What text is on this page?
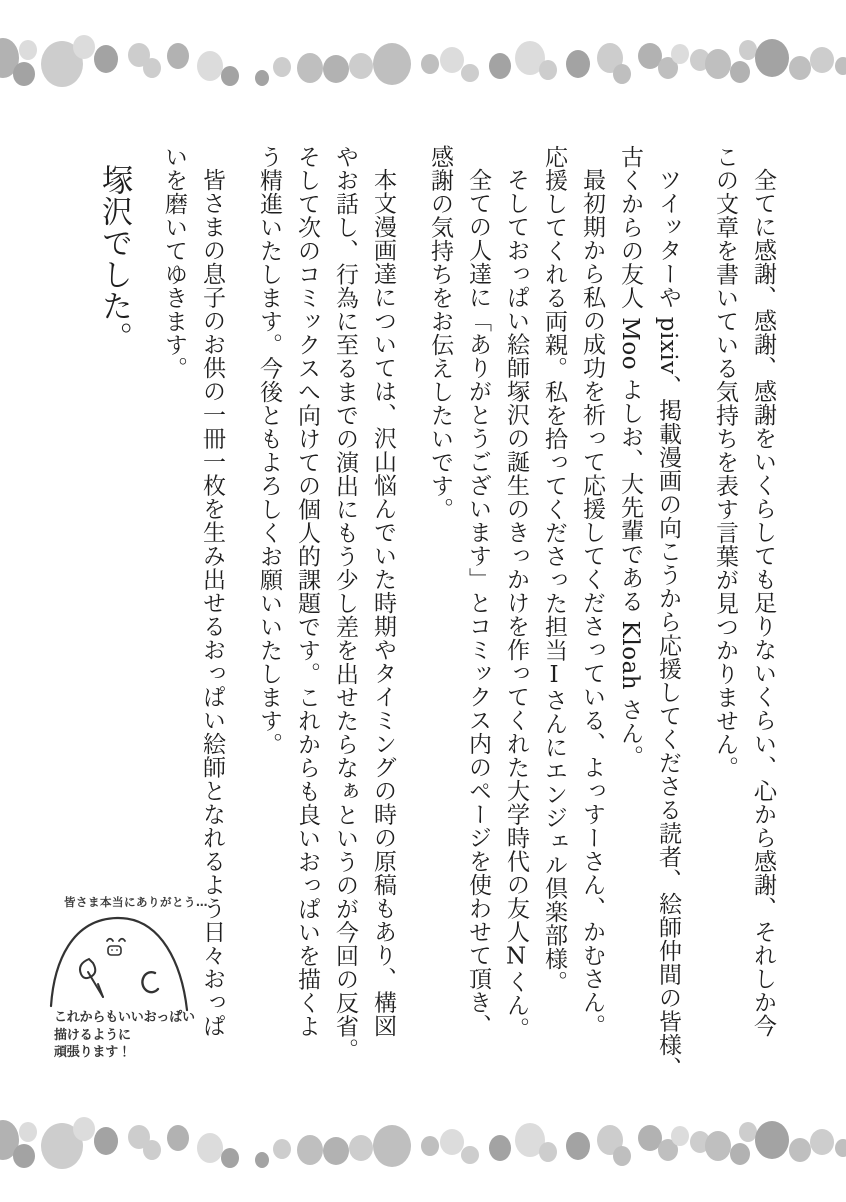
全てに感謝、感謝、感謝をいくらしても足りないくらい、心から感謝、それしか今
この文章を書いている気持ちを表す言葉が見つかりません。

ツイッターや pixiv、掲載漫画の向こうから応援してくださる読者、絵師仲間の皆様、
古くからの友人 Moo よしお、大先輩である Kloah さん。

最初期から私の成功を祈って応援してくださっている、よっすーさん、かむさん。
応援してくれる両親。私を拾ってくださった担当Iさんにエンジェル倶楽部様。

そしておっぱい絵師塚沢の誕生のきっかけを作ってくれた大学時代の友人Nくん。

全ての人達に「ありがとうございます」とコミックス内のページを使わせて頂き、
感謝の気持ちをお伝えしたいです。

本文漫画達については、沢山悩んでいた時期やタイミングの時の原稿もあり、構図
やお話し、行為に至るまでの演出にもう少し差を出せたらなぁというのが今回の反省。
そして次のコミックスへ向けての個人的課題です。これからも良いおっぱいを描くよ
う精進いたします。今後ともよろしくお願いいたします。

皆さまの息子のお供の一冊一枚を生み出せるおっぱい絵師となれるよう日々おっぱ
いを磨いてゆきます。

塚沢でした。

皆さま本当にありがとう…
これからもいいおっぱい
描けるように
頑張ります！
